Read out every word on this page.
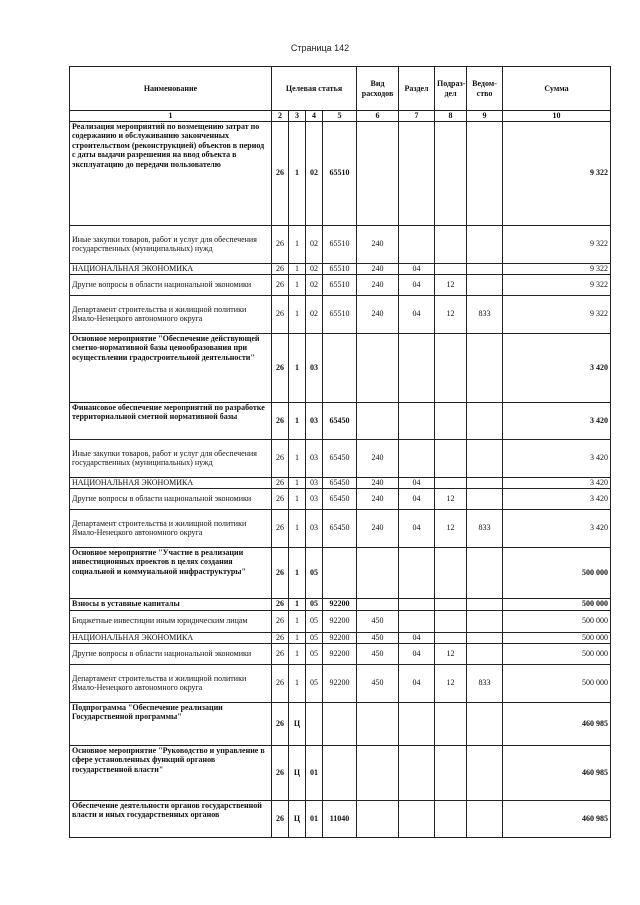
Страница 142
Наименование	Целевая статья				Вид расходов	Раздел	Подраз-дел	Ведом-ство	Сумма
1	2	3	4	5	6	7	8	9	10
Реализация мероприятий по возмещению затрат по содержанию и обслуживанию законченных строительством (реконструкцией) объектов в период с даты выдачи разрешения на ввод объекта в эксплуатацию до передачи пользователю	26	1	02	65510					9 322
Иные закупки товаров, работ и услуг для обеспечения государственных (муниципальных) нужд	26	1	02	65510	240				9 322
НАЦИОНАЛЬНАЯ ЭКОНОМИКА	26	1	02	65510	240	04			9 322
Другие вопросы в области национальной экономики	26	1	02	65510	240	04	12		9 322
Департамент строительства и жилищной политики Ямало-Ненецкого автономного округа	26	1	02	65510	240	04	12	833	9 322
Основное мероприятие "Обеспечение действующей сметно-нормативной базы ценообразования при осуществлении градостроительной деятельности"	26	1	03						3 420
Финансовое обеспечение мероприятий по разработке территориальной сметной нормативной базы	26	1	03	65450					3 420
Иные закупки товаров, работ и услуг для обеспечения государственных (муниципальных) нужд	26	1	03	65450	240				3 420
НАЦИОНАЛЬНАЯ ЭКОНОМИКА	26	1	03	65450	240	04			3 420
Другие вопросы в области национальной экономики	26	1	03	65450	240	04	12		3 420
Департамент строительства и жилищной политики Ямало-Ненецкого автономного округа	26	1	03	65450	240	04	12	833	3 420
Основное мероприятие "Участие в реализации инвестиционных проектов в целях создания социальной и коммунальной инфраструктуры"	26	1	05						500 000
Взносы в уставные капиталы	26	1	05	92200					500 000
Бюджетные инвестиции иным юридическим лицам	26	1	05	92200	450				500 000
НАЦИОНАЛЬНАЯ ЭКОНОМИКА	26	1	05	92200	450	04			500 000
Другие вопросы в области национальной экономики	26	1	05	92200	450	04	12		500 000
Департамент строительства и жилищной политики Ямало-Ненецкого автономного округа	26	1	05	92200	450	04	12	833	500 000
Подпрограмма "Обеспечение реализации Государственной программы"	26	Ц							460 985
Основное мероприятие "Руководство и управление в сфере установленных функций органов государственной власти"	26	Ц	01						460 985
Обеспечение деятельности органов государственной власти и иных государственных органов	26	Ц	01	11040					460 985
